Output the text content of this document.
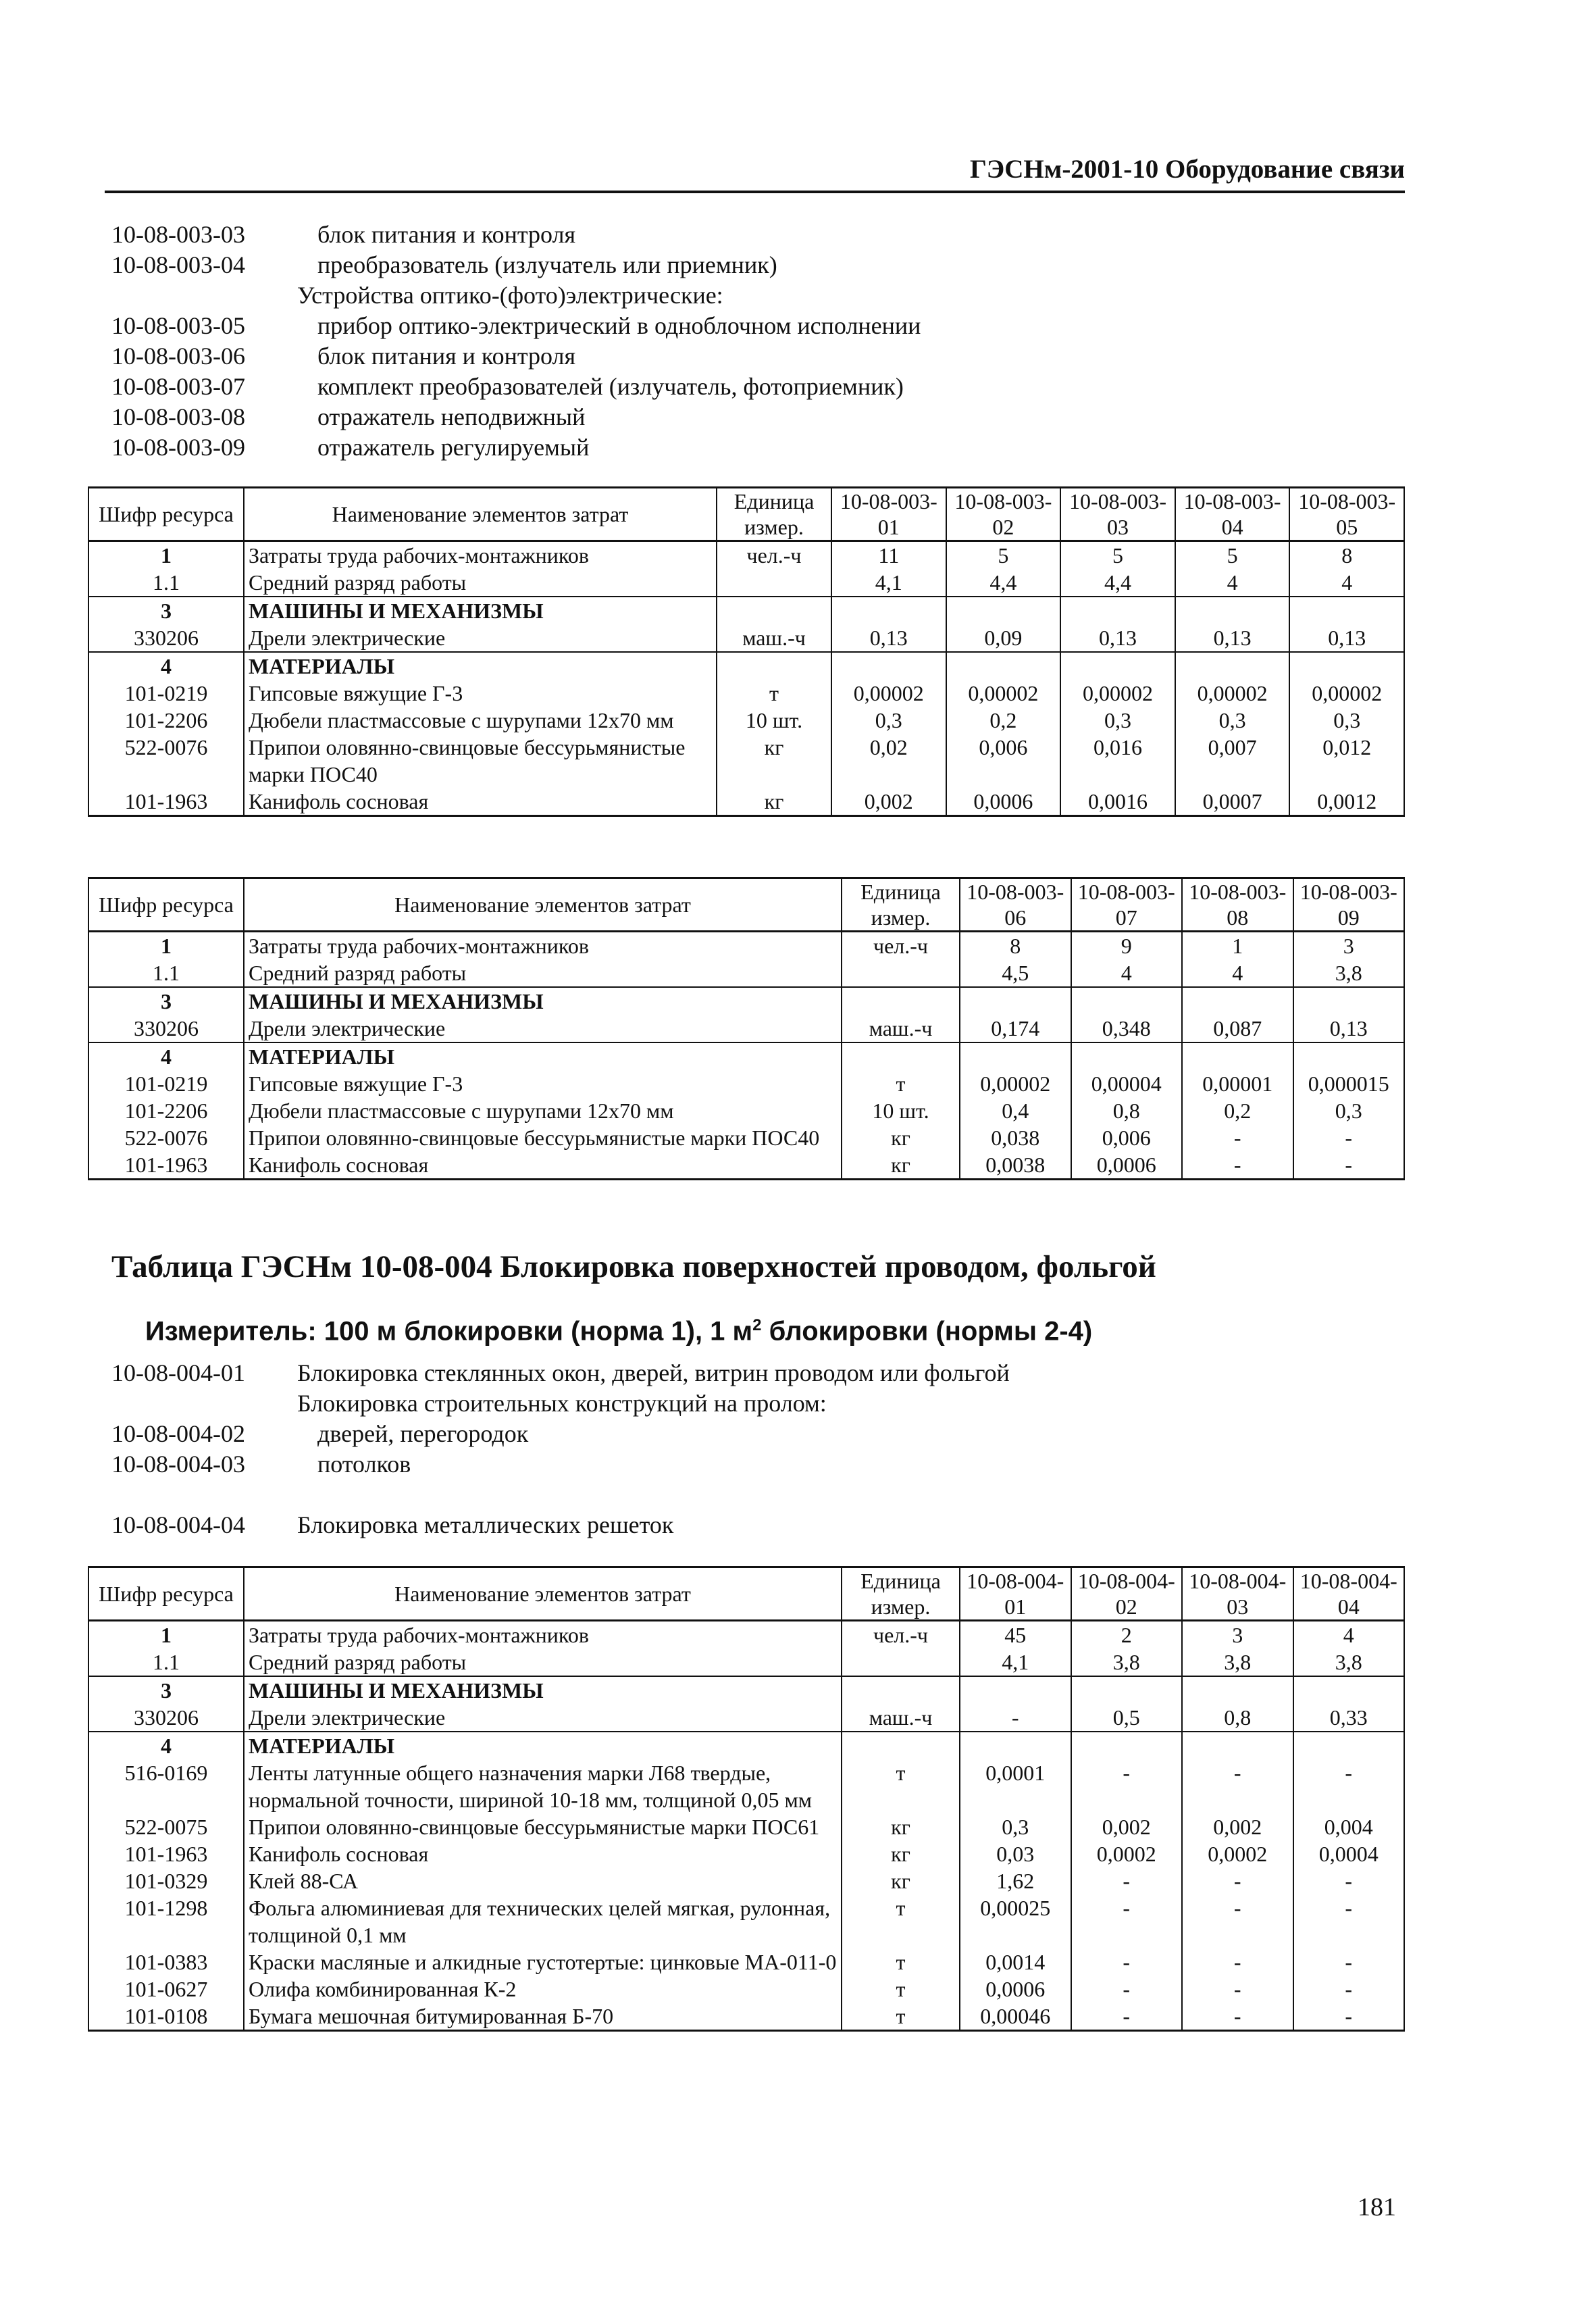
ГЭСНм-2001-10 Оборудование связи
10-08-003-03	блок питания и контроля
10-08-003-04	преобразователь (излучатель или приемник)
Устройства оптико-(фото)электрические:
10-08-003-05	прибор оптико-электрический в одноблочном исполнении
10-08-003-06	блок питания и контроля
10-08-003-07	комплект преобразователей (излучатель, фотоприемник)
10-08-003-08	отражатель неподвижный
10-08-003-09	отражатель регулируемый
Шифр ресурса	Наименование элементов затрат	Единица измер.	10-08-003-01	10-08-003-02	10-08-003-03	10-08-003-04	10-08-003-05
1	Затраты труда рабочих-монтажников	чел.-ч	11	5	5	5	8
1.1	Средний разряд работы		4,1	4,4	4,4	4	4
3	МАШИНЫ И МЕХАНИЗМЫ						
330206	Дрели электрические	маш.-ч	0,13	0,09	0,13	0,13	0,13
4	МАТЕРИАЛЫ						
101-0219	Гипсовые вяжущие Г-3	т	0,00002	0,00002	0,00002	0,00002	0,00002
101-2206	Дюбели пластмассовые с шурупами 12х70 мм	10 шт.	0,3	0,2	0,3	0,3	0,3
522-0076	Припои оловянно-свинцовые бессурьмянистые марки ПОС40	кг	0,02	0,006	0,016	0,007	0,012
101-1963	Канифоль сосновая	кг	0,002	0,0006	0,0016	0,0007	0,0012
Шифр ресурса	Наименование элементов затрат	Единица измер.	10-08-003-06	10-08-003-07	10-08-003-08	10-08-003-09
1	Затраты труда рабочих-монтажников	чел.-ч	8	9	1	3
1.1	Средний разряд работы		4,5	4	4	3,8
3	МАШИНЫ И МЕХАНИЗМЫ					
330206	Дрели электрические	маш.-ч	0,174	0,348	0,087	0,13
4	МАТЕРИАЛЫ					
101-0219	Гипсовые вяжущие Г-3	т	0,00002	0,00004	0,00001	0,000015
101-2206	Дюбели пластмассовые с шурупами 12х70 мм	10 шт.	0,4	0,8	0,2	0,3
522-0076	Припои оловянно-свинцовые бессурьмянистые марки ПОС40	кг	0,038	0,006	-	-
101-1963	Канифоль сосновая	кг	0,0038	0,0006	-	-
Таблица ГЭСНм 10-08-004 Блокировка поверхностей проводом, фольгой
Измеритель: 100 м блокировки (норма 1), 1 $м^2$ блокировки (нормы 2-4)
10-08-004-01 Блокировка стеклянных окон, дверей, витрин проводом или фольгой
Блокировка строительных конструкций на пролом:
10-08-004-02	дверей, перегородок
10-08-004-03	потолков
10-08-004-04 Блокировка металлических решеток
Шифр ресурса	Наименование элементов затрат	Единица измер.	10-08-004-01	10-08-004-02	10-08-004-03	10-08-004-04
1	Затраты труда рабочих-монтажников	чел.-ч	45	2	3	4
1.1	Средний разряд работы		4,1	3,8	3,8	3,8
3	МАШИНЫ И МЕХАНИЗМЫ					
330206	Дрели электрические	маш.-ч	-	0,5	0,8	0,33
4	МАТЕРИАЛЫ					
516-0169	Ленты латунные общего назначения марки Л68 твердые, нормальной точности, шириной 10-18 мм, толщиной 0,05 мм	т	0,0001	-	-	-
522-0075	Припои оловянно-свинцовые бессурьмянистые марки ПОС61	кг	0,3	0,002	0,002	0,004
101-1963	Канифоль сосновая	кг	0,03	0,0002	0,0002	0,0004
101-0329	Клей 88-СА	кг	1,62	-	-	-
101-1298	Фольга алюминиевая для технических целей мягкая, рулонная, толщиной 0,1 мм	т	0,00025	-	-	-
101-0383	Краски масляные и алкидные густотертые: цинковые МА-011-0	т	0,0014	-	-	-
101-0627	Олифа комбинированная К-2	т	0,0006	-	-	-
101-0108	Бумага мешочная битумированная Б-70	т	0,00046	-	-	-
181
